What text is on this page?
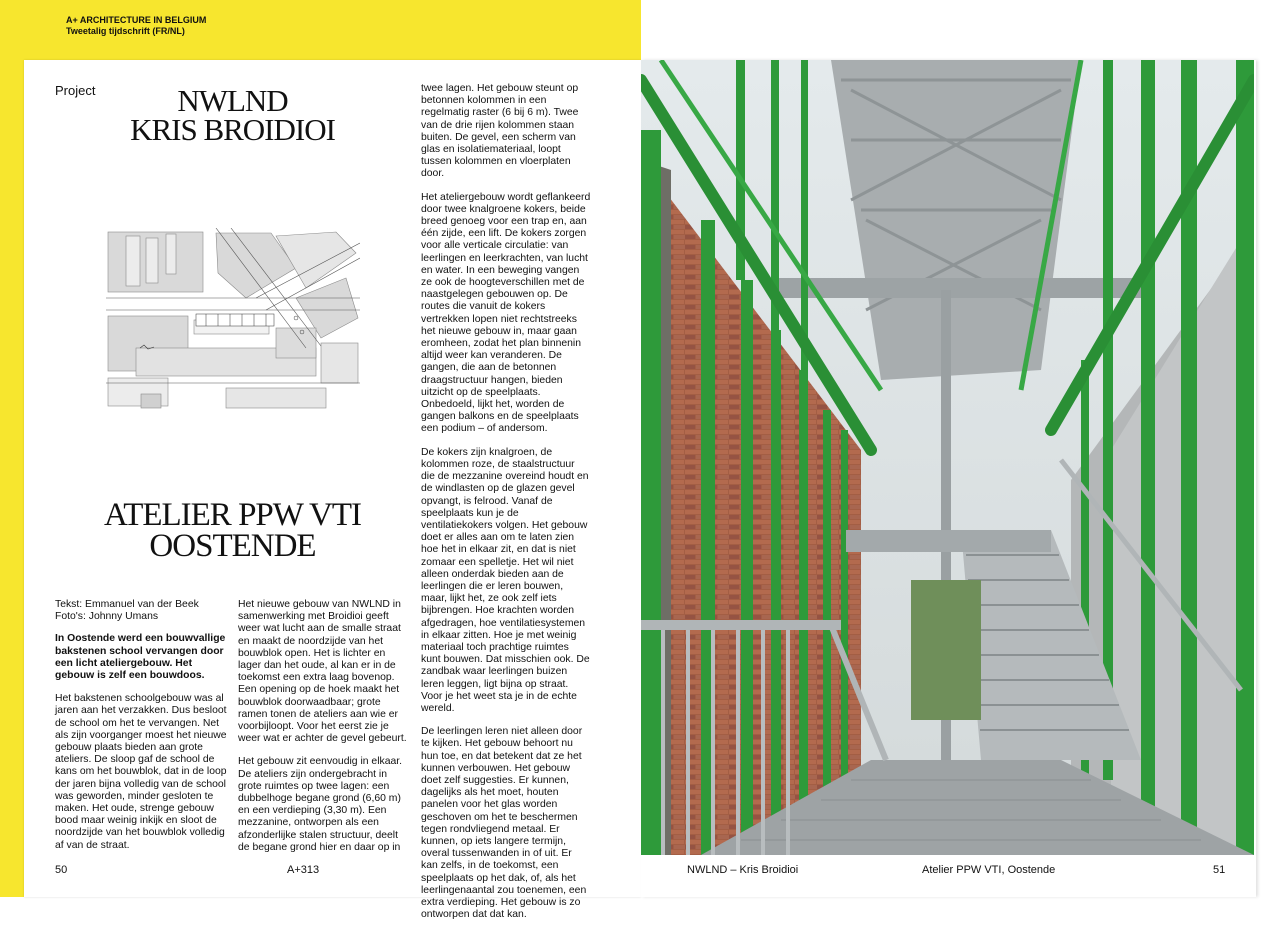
A+ ARCHITECTURE IN BELGIUM
Tweetalig tijdschrift (FR/NL)
Project	NWLND
KRIS BROIDIOI
ATELIER PPW VTI
OOSTENDE

Tekst: Emmanuel van der Beek
Foto's: Johnny Umans

In Oostende werd een bouwvallige bakstenen school vervangen door een licht ateliergebouw. Het gebouw is zelf een bouwdoos.

Het bakstenen schoolgebouw was al jaren aan het verzakken. Dus besloot de school om het te vervangen. Net als zijn voorganger moest het nieuwe gebouw plaats bieden aan grote ateliers. De sloop gaf de school de kans om het bouwblok, dat in de loop der jaren bijna volledig van de school was geworden, minder gesloten te maken. Het oude, strenge gebouw bood maar weinig inkijk en sloot de noordzijde van het bouwblok volledig af van de straat.

Het nieuwe gebouw van NWLND in samenwerking met Broidioi geeft weer wat lucht aan de smalle straat en maakt de noordzijde van het bouwblok open. Het is lichter en lager dan het oude, al kan er in de toekomst een extra laag bovenop. Een opening op de hoek maakt het bouwblok doorwaadbaar; grote ramen tonen de ateliers aan wie er voorbijloopt. Voor het eerst zie je weer wat er achter de gevel gebeurt.

Het gebouw zit eenvoudig in elkaar. De ateliers zijn ondergebracht in grote ruimtes op twee lagen: een dubbelhoge begane grond (6,60 m) en een verdieping (3,30 m). Een mezzanine, ontworpen als een afzonderlijke stalen structuur, deelt de begane grond hier en daar op in

twee lagen. Het gebouw steunt op betonnen kolommen in een regelmatig raster (6 bij 6 m). Twee van de drie rijen kolommen staan buiten. De gevel, een scherm van glas en isolatiemateriaal, loopt tussen kolommen en vloerplaten door.

Het ateliergebouw wordt geflankeerd door twee knalgroene kokers, beide breed genoeg voor een trap en, aan één zijde, een lift. De kokers zorgen voor alle verticale circulatie: van leerlingen en leerkrachten, van lucht en water. In een beweging vangen ze ook de hoogteverschillen met de naastgelegen gebouwen op. De routes die vanuit de kokers vertrekken lopen niet rechtstreeks het nieuwe gebouw in, maar gaan eromheen, zodat het plan binnenin altijd weer kan veranderen. De gangen, die aan de betonnen draagstructuur hangen, bieden uitzicht op de speelplaats. Onbedoeld, lijkt het, worden de gangen balkons en de speelplaats een podium – of andersom.

De kokers zijn knalgroen, de kolommen roze, de staalstructuur die de mezzanine overeind houdt en de windlasten op de glazen gevel opvangt, is felrood. Vanaf de speelplaats kun je de ventilatiekokers volgen. Het gebouw doet er alles aan om te laten zien hoe het in elkaar zit, en dat is niet zomaar een spelletje. Het wil niet alleen onderdak bieden aan de leerlingen die er leren bouwen, maar, lijkt het, ze ook zelf iets bijbrengen. Hoe krachten worden afgedragen, hoe ventilatiesystemen in elkaar zitten. Hoe je met weinig materiaal toch prachtige ruimtes kunt bouwen. Dat misschien ook. De zandbak waar leerlingen buizen leren leggen, ligt bijna op straat. Voor je het weet sta je in de echte wereld.

De leerlingen leren niet alleen door te kijken. Het gebouw behoort nu hun toe, en dat betekent dat ze het kunnen verbouwen. Het gebouw doet zelf suggesties. Er kunnen, dagelijks als het moet, houten panelen voor het glas worden geschoven om het te beschermen tegen rondvliegend metaal. Er kunnen, op iets langere termijn, overal tussenwanden in of uit. Er kan zelfs, in de toekomst, een speelplaats op het dak, of, als het leerlingenaantal zou toenemen, een extra verdieping. Het gebouw is zo ontworpen dat dat kan.

50	A+313	NWLND – Kris Broidioi	Atelier PPW VTI, Oostende	51
